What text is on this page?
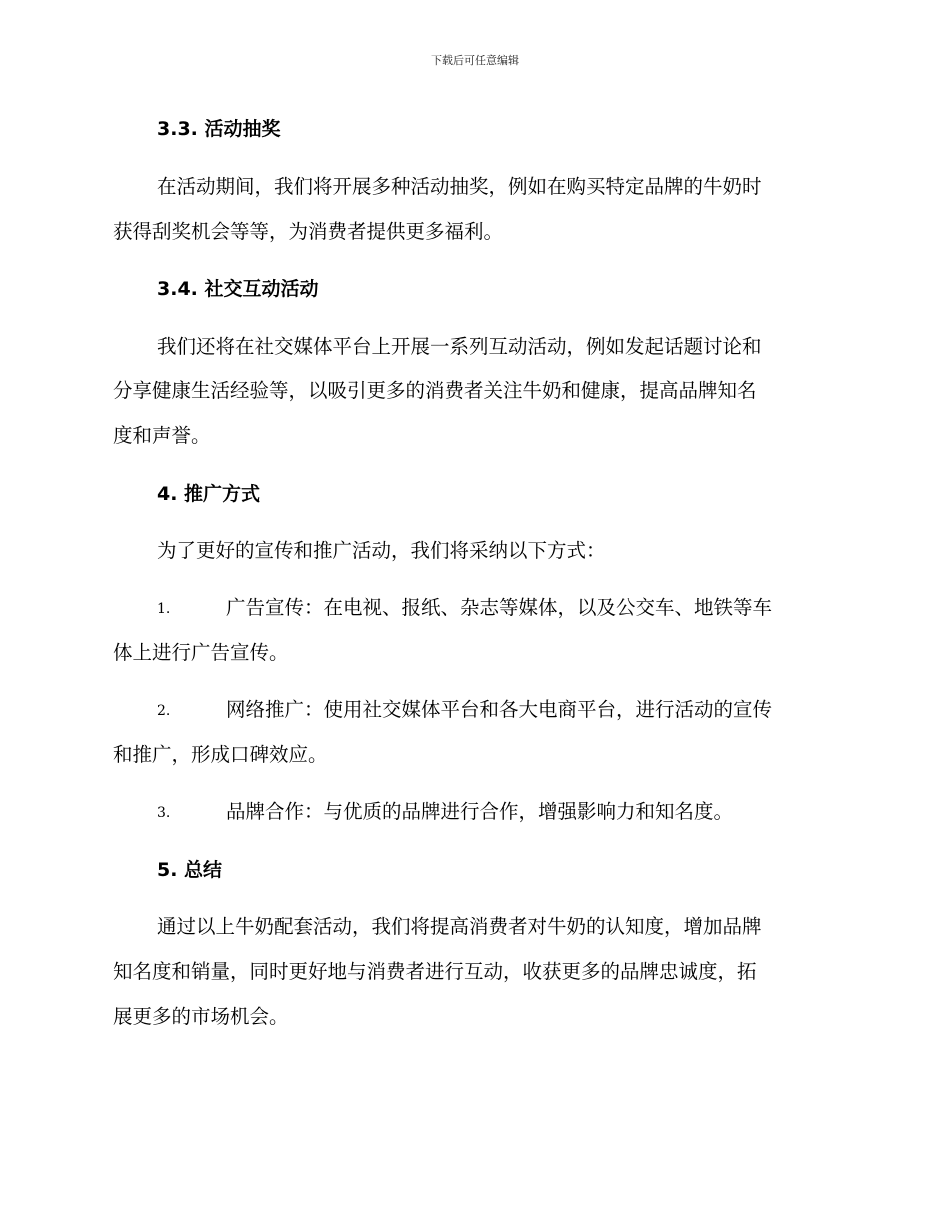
下载后可任意编辑
3.3. 活动抽奖
在活动期间，我们将开展多种活动抽奖，例如在购买特定品牌的牛奶时
获得刮奖机会等等，为消费者提供更多福利。
3.4. 社交互动活动
我们还将在社交媒体平台上开展一系列互动活动，例如发起话题讨论和
分享健康生活经验等，以吸引更多的消费者关注牛奶和健康，提高品牌知名
度和声誉。
4. 推广方式
为了更好的宣传和推广活动，我们将采纳以下方式：
1.	广告宣传：在电视、报纸、杂志等媒体，以及公交车、地铁等车
体上进行广告宣传。
2.	网络推广：使用社交媒体平台和各大电商平台，进行活动的宣传
和推广，形成口碑效应。
3.	品牌合作：与优质的品牌进行合作，增强影响力和知名度。
5. 总结
通过以上牛奶配套活动，我们将提高消费者对牛奶的认知度，增加品牌
知名度和销量，同时更好地与消费者进行互动，收获更多的品牌忠诚度，拓
展更多的市场机会。
